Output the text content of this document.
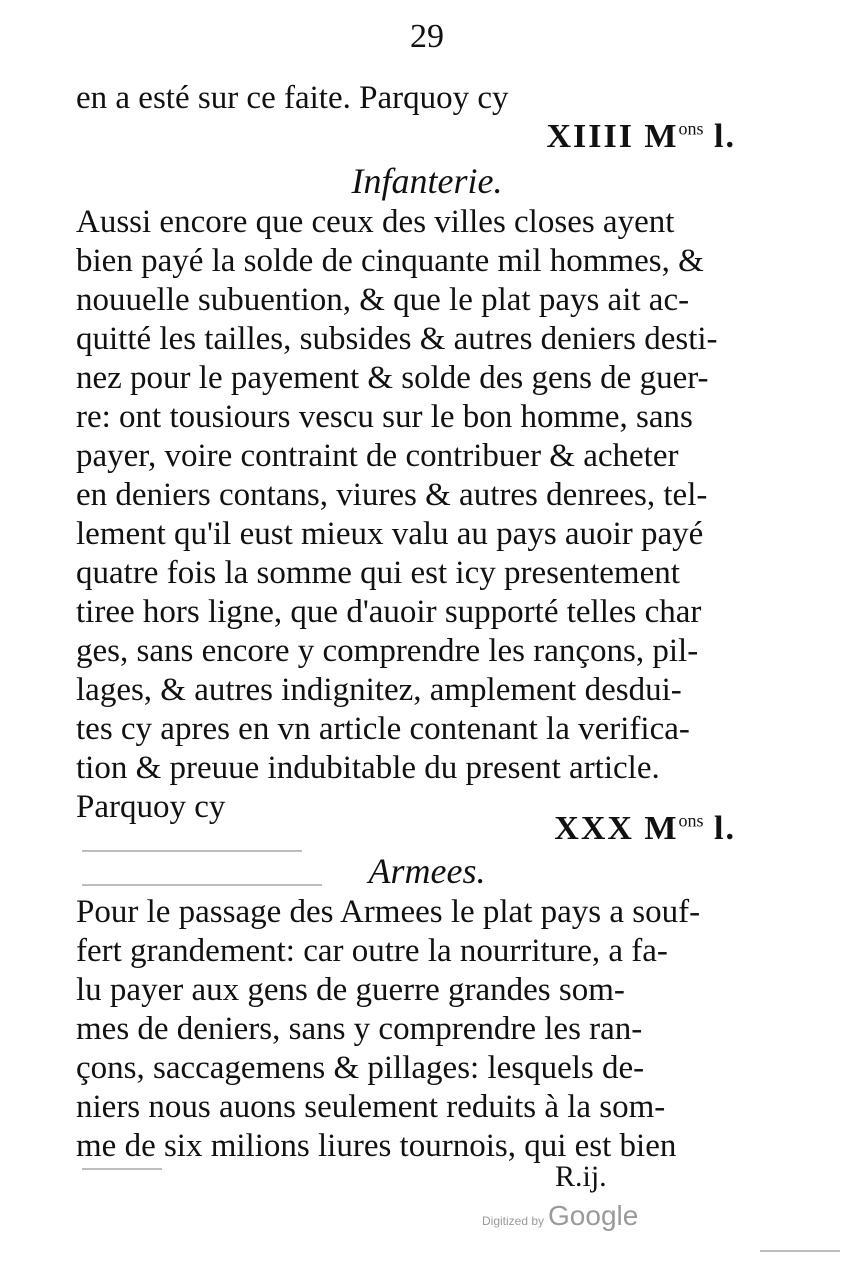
29
en a esté sur ce faite. Parquoy cy
XIIII $M^{ons}$ l.
Infanterie.
Aussi encore que ceux des villes closes ayent
bien payé la solde de cinquante mil hommes, &
nouuelle subuention, & que le plat pays ait ac-
quitté les tailles, subsides & autres deniers desti-
nez pour le payement & solde des gens de guer-
re: ont tousiours vescu sur le bon homme, sans
payer, voire contraint de contribuer & acheter
en deniers contans, viures & autres denrees, tel-
lement qu'il eust mieux valu au pays auoir payé
quatre fois la somme qui est icy presentement
tiree hors ligne, que d'auoir supporté telles char
ges, sans encore y comprendre les rançons, pil-
lages, & autres indignitez, amplement desdui-
tes cy apres en vn article contenant la verifica-
tion & preuue indubitable du present article.
Parquoy cy
XXX $M^{ons}$ l.
Armees.
Pour le passage des Armees le plat pays a souf-
fert grandement: car outre la nourriture, a fa-
lu payer aux gens de guerre grandes som-
mes de deniers, sans y comprendre les ran-
çons, saccagemens & pillages: lesquels de-
niers nous auons seulement reduits à la som-
me de six milions liures tournois, qui est bien
R.ij.
Digitized by Google
